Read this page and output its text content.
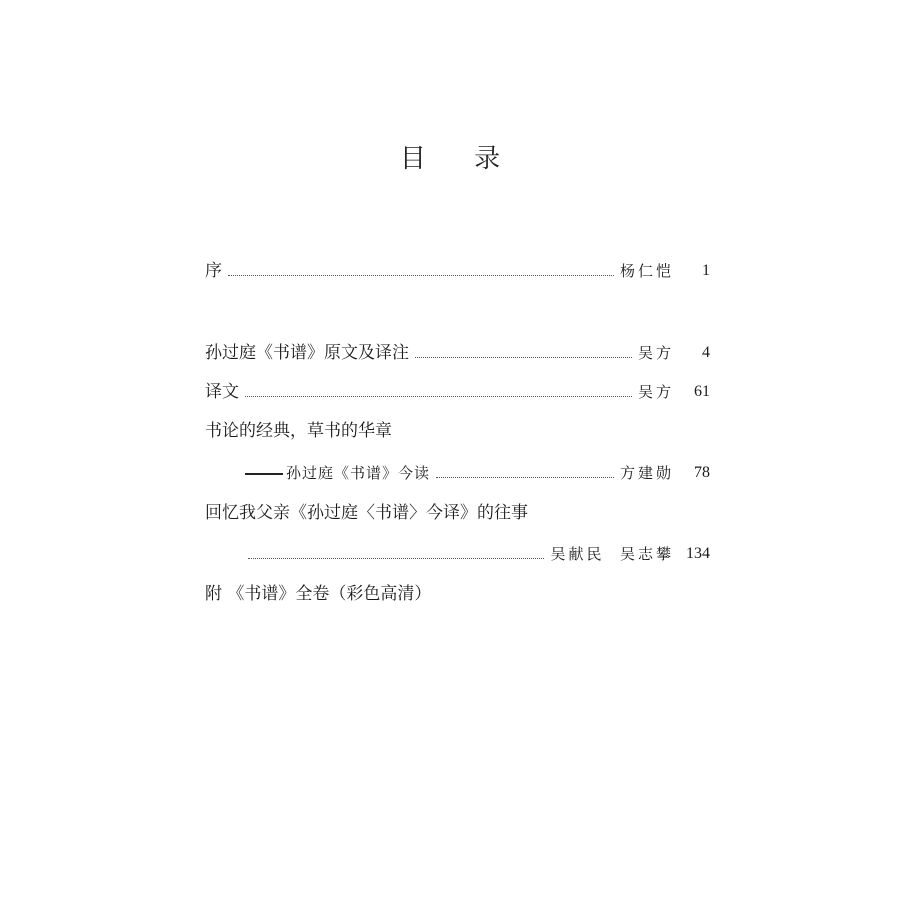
目 录
序	杨仁恺	1
孙过庭《书谱》原文及译注	吴方	4
译文	吴方	61
书论的经典，草书的华章
孙过庭《书谱》今读	方建勋	78
回忆我父亲《孙过庭〈书谱〉今译》的往事
吴献民  吴志攀 134
附 《书谱》全卷（彩色高清）
